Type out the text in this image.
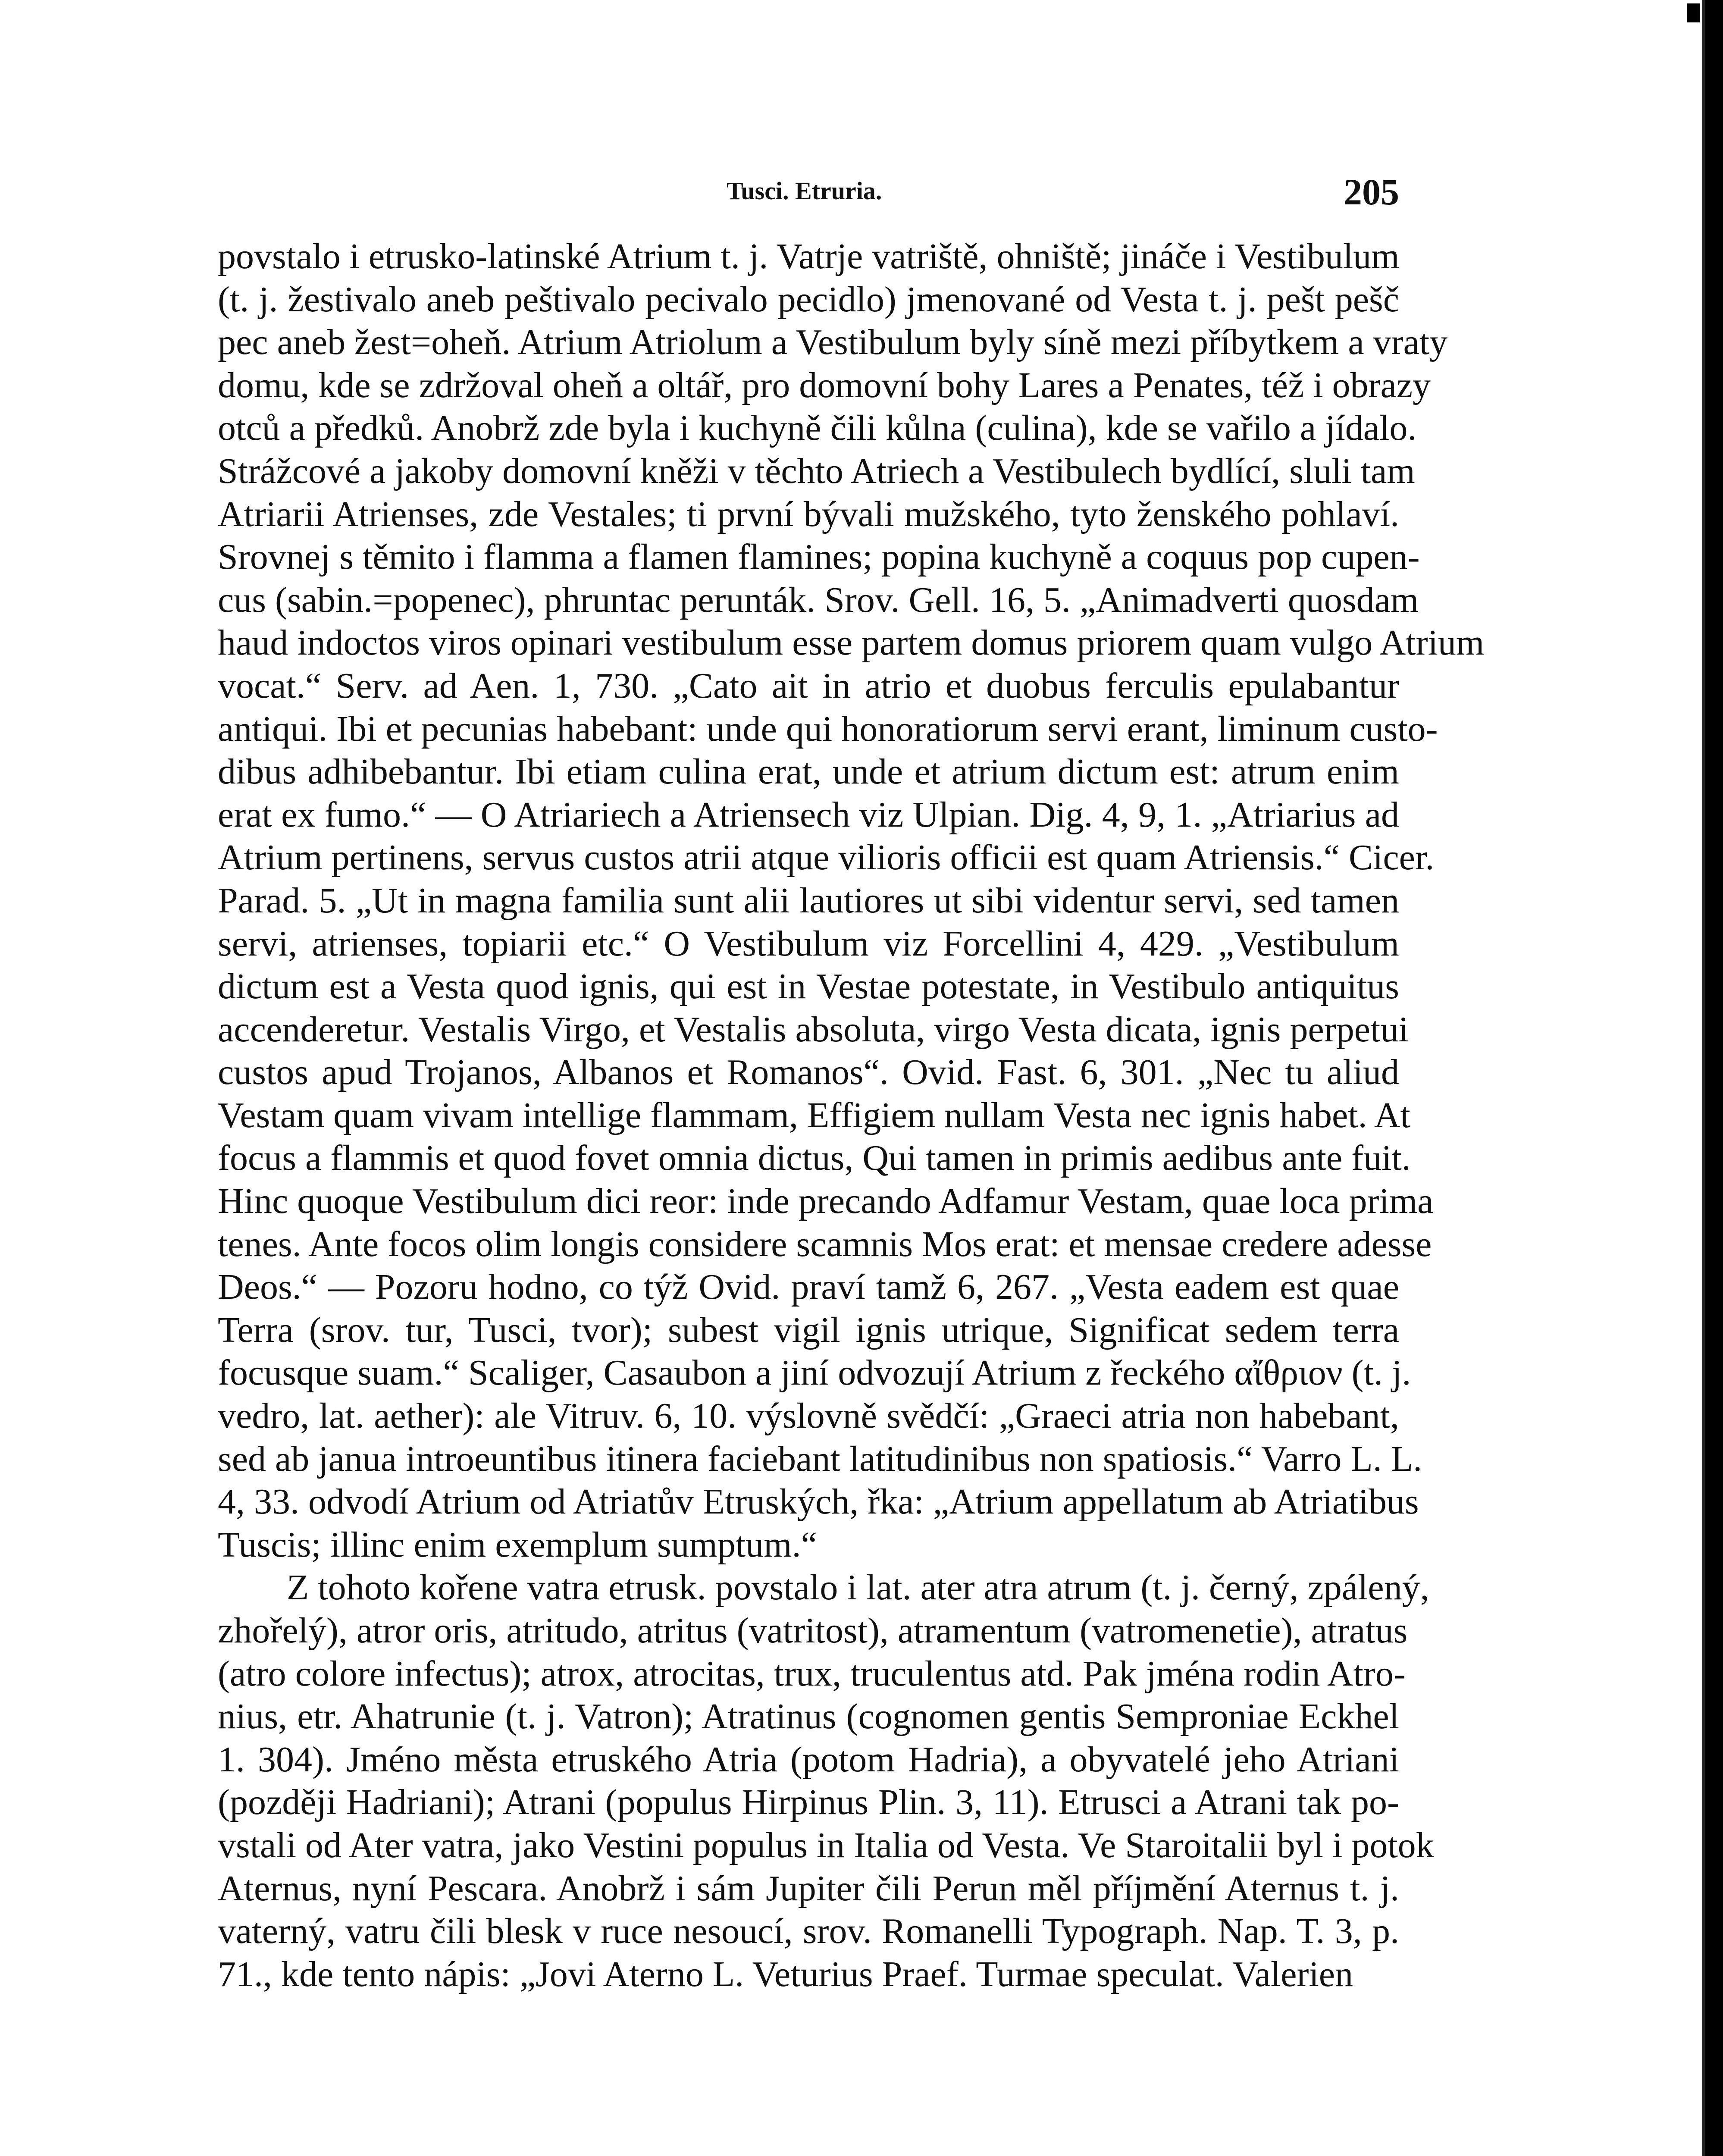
Tusci. Etruria.	205
povstalo i etrusko-latinské Atrium t. j. Vatrje vatriště, ohniště; jináče i Vestibulum
(t. j. žestivalo aneb peštivalo pecivalo pecidlo) jmenované od Vesta t. j. pešt pešč
pec aneb žest=oheň. Atrium Atriolum a Vestibulum byly síně mezi příbytkem a vraty
domu, kde se zdržoval oheň a oltář, pro domovní bohy Lares a Penates, též i obrazy
otců a předků. Anobrž zde byla i kuchyně čili kůlna (culina), kde se vařilo a jídalo.
Strážcové a jakoby domovní kněži v těchto Atriech a Vestibulech bydlící, sluli tam
Atriarii Atrienses, zde Vestales; ti první bývali mužského, tyto ženského pohlaví.
Srovnej s těmito i flamma a flamen flamines; popina kuchyně a coquus pop cupen-
cus (sabin.=popenec), phruntac perunták. Srov. Gell. 16, 5. „Animadverti quosdam
haud indoctos viros opinari vestibulum esse partem domus priorem quam vulgo Atrium
vocat.“ Serv. ad Aen. 1, 730. „Cato ait in atrio et duobus ferculis epulabantur
antiqui. Ibi et pecunias habebant: unde qui honoratiorum servi erant, liminum custo-
dibus adhibebantur. Ibi etiam culina erat, unde et atrium dictum est: atrum enim
erat ex fumo.“ — O Atriariech a Atriensech viz Ulpian. Dig. 4, 9, 1. „Atriarius ad
Atrium pertinens, servus custos atrii atque vilioris officii est quam Atriensis.“ Cicer.
Parad. 5. „Ut in magna familia sunt alii lautiores ut sibi videntur servi, sed tamen
servi, atrienses, topiarii etc.“ O Vestibulum viz Forcellini 4, 429. „Vestibulum
dictum est a Vesta quod ignis, qui est in Vestae potestate, in Vestibulo antiquitus
accenderetur. Vestalis Virgo, et Vestalis absoluta, virgo Vesta dicata, ignis perpetui
custos apud Trojanos, Albanos et Romanos“. Ovid. Fast. 6, 301. „Nec tu aliud
Vestam quam vivam intellige flammam, Effigiem nullam Vesta nec ignis habet. At
focus a flammis et quod fovet omnia dictus, Qui tamen in primis aedibus ante fuit.
Hinc quoque Vestibulum dici reor: inde precando Adfamur Vestam, quae loca prima
tenes. Ante focos olim longis considere scamnis Mos erat: et mensae credere adesse
Deos.“ — Pozoru hodno, co týž Ovid. praví tamž 6, 267. „Vesta eadem est quae
Terra (srov. tur, Tusci, tvor); subest vigil ignis utrique, Significat sedem terra
focusque suam.“ Scaliger, Casaubon a jiní odvozují Atrium z řeckého αἴθριον (t. j.
vedro, lat. aether): ale Vitruv. 6, 10. výslovně svědčí: „Graeci atria non habebant,
sed ab janua introeuntibus itinera faciebant latitudinibus non spatiosis.“ Varro L. L.
4, 33. odvodí Atrium od Atriatův Etruských, řka: „Atrium appellatum ab Atriatibus
Tuscis; illinc enim exemplum sumptum.“
Z tohoto kořene vatra etrusk. povstalo i lat. ater atra atrum (t. j. černý, zpálený,
zhořelý), atror oris, atritudo, atritus (vatritost), atramentum (vatromenetie), atratus
(atro colore infectus); atrox, atrocitas, trux, truculentus atd. Pak jména rodin Atro-
nius, etr. Ahatrunie (t. j. Vatron); Atratinus (cognomen gentis Semproniae Eckhel
1. 304). Jméno města etruského Atria (potom Hadria), a obyvatelé jeho Atriani
(později Hadriani); Atrani (populus Hirpinus Plin. 3, 11). Etrusci a Atrani tak po-
vstali od Ater vatra, jako Vestini populus in Italia od Vesta. Ve Staroitalii byl i potok
Aternus, nyní Pescara. Anobrž i sám Jupiter čili Perun měl příjmění Aternus t. j.
vaterný, vatru čili blesk v ruce nesoucí, srov. Romanelli Typograph. Nap. T. 3, p.
71., kde tento nápis: „Jovi Aterno L. Veturius Praef. Turmae speculat. Valerien
